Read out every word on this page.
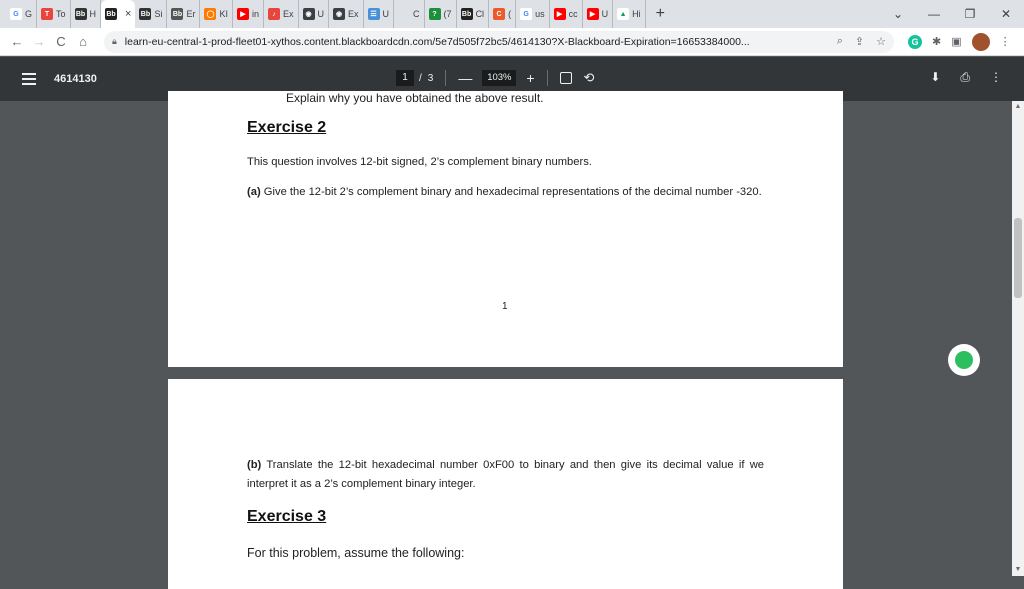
G G	T To Bb H Bb × Bb Si Bb Er ◯ KI	▶ in	♪ Ex	◉ U	◉ Ex	☰ U	C	? (7 Bb Cl	C (	G us	▶ cc	▶ U	▲ Hi +	⌄	—	❐	✕
← → C	⌂	🔒︎ learn-eu-central-1-prod-fleet01-xythos.content.blackboardcdn.com/5e7d505f72bc5/4614130?X-Blackboard-Expiration=16653384000...	⌕ ⇪ ☆	G	✱ ▣	⋮
4614130	1	/ 3 —	103%	+	⟲	⬇ ⎙ ⋮
Explain why you have obtained the above result.
Exercise 2

This question involves 12-bit signed, 2’s complement binary numbers.

(a) Give the 12-bit 2’s complement binary and hexadecimal representations of the decimal number -320.

1

(b) Translate the 12-bit hexadecimal number 0xF00 to binary and then give its decimal value if we interpret it as a 2’s complement binary integer.

Exercise 3

For this problem, assume the following:

▲
▼
